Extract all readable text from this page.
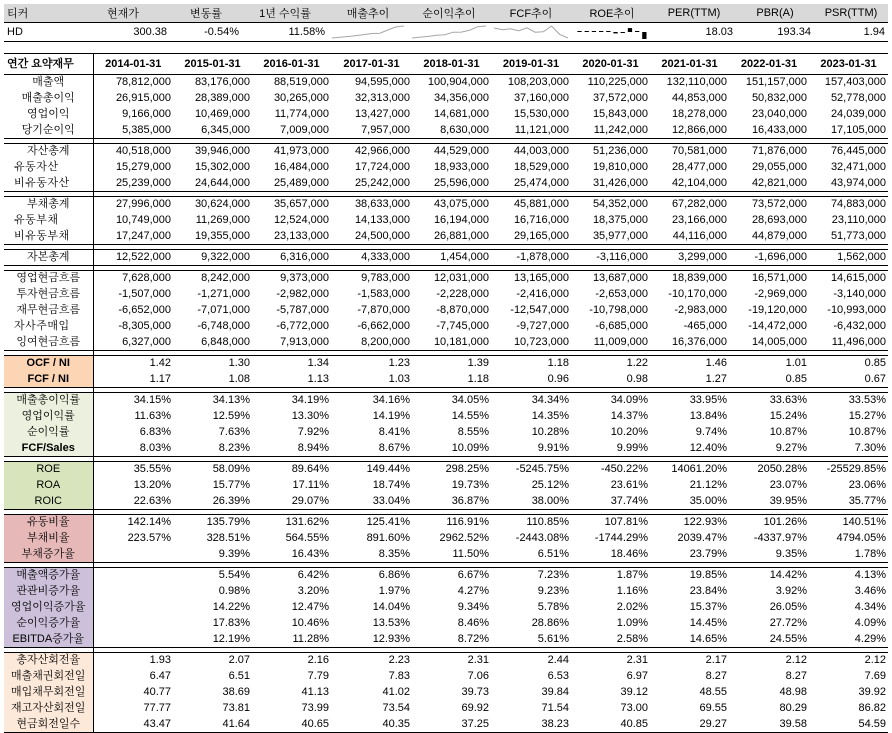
티커	현재가	변동률	1년 수익률	매출추이	순이익추이	FCF추이	ROE추이	PER(TTM)	PBR(A)	PSR(TTM)
HD	300.38	-0.54%	11.58%					18.03	193.34	1.94
연간 요약재무	2014-01-31	2015-01-31	2016-01-31	2017-01-31	2018-01-31	2019-01-31	2020-01-31	2021-01-31	2022-01-31	2023-01-31
매출액	78,812,000	83,176,000	88,519,000	94,595,000	100,904,000	108,203,000	110,225,000	132,110,000	151,157,000	157,403,000
매출총이익	26,915,000	28,389,000	30,265,000	32,313,000	34,356,000	37,160,000	37,572,000	44,853,000	50,832,000	52,778,000
영업이익	9,166,000	10,469,000	11,774,000	13,427,000	14,681,000	15,530,000	15,843,000	18,278,000	23,040,000	24,039,000
당기순이익	5,385,000	6,345,000	7,009,000	7,957,000	8,630,000	11,121,000	11,242,000	12,866,000	16,433,000	17,105,000

자산총계	40,518,000	39,946,000	41,973,000	42,966,000	44,529,000	44,003,000	51,236,000	70,581,000	71,876,000	76,445,000
유동자산	15,279,000	15,302,000	16,484,000	17,724,000	18,933,000	18,529,000	19,810,000	28,477,000	29,055,000	32,471,000
비유동자산	25,239,000	24,644,000	25,489,000	25,242,000	25,596,000	25,474,000	31,426,000	42,104,000	42,821,000	43,974,000

부채총계	27,996,000	30,624,000	35,657,000	38,633,000	43,075,000	45,881,000	54,352,000	67,282,000	73,572,000	74,883,000
유동부채	10,749,000	11,269,000	12,524,000	14,133,000	16,194,000	16,716,000	18,375,000	23,166,000	28,693,000	23,110,000
비유동부채	17,247,000	19,355,000	23,133,000	24,500,000	26,881,000	29,165,000	35,977,000	44,116,000	44,879,000	51,773,000

자본총계	12,522,000	9,322,000	6,316,000	4,333,000	1,454,000	-1,878,000	-3,116,000	3,299,000	-1,696,000	1,562,000

영업현금흐름	7,628,000	8,242,000	9,373,000	9,783,000	12,031,000	13,165,000	13,687,000	18,839,000	16,571,000	14,615,000
투자현금흐름	-1,507,000	-1,271,000	-2,982,000	-1,583,000	-2,228,000	-2,416,000	-2,653,000	-10,170,000	-2,969,000	-3,140,000
재무현금흐름	-6,652,000	-7,071,000	-5,787,000	-7,870,000	-8,870,000	-12,547,000	-10,798,000	-2,983,000	-19,120,000	-10,993,000
자사주매입	-8,305,000	-6,748,000	-6,772,000	-6,662,000	-7,745,000	-9,727,000	-6,685,000	-465,000	-14,472,000	-6,432,000
잉여현금흐름	6,327,000	6,848,000	7,913,000	8,200,000	10,181,000	10,723,000	11,009,000	16,376,000	14,005,000	11,496,000

OCF / NI	1.42	1.30	1.34	1.23	1.39	1.18	1.22	1.46	1.01	0.85
FCF / NI	1.17	1.08	1.13	1.03	1.18	0.96	0.98	1.27	0.85	0.67

매출총이익률	34.15%	34.13%	34.19%	34.16%	34.05%	34.34%	34.09%	33.95%	33.63%	33.53%
영업이익률	11.63%	12.59%	13.30%	14.19%	14.55%	14.35%	14.37%	13.84%	15.24%	15.27%
순이익률	6.83%	7.63%	7.92%	8.41%	8.55%	10.28%	10.20%	9.74%	10.87%	10.87%
FCF/Sales	8.03%	8.23%	8.94%	8.67%	10.09%	9.91%	9.99%	12.40%	9.27%	7.30%

ROE	35.55%	58.09%	89.64%	149.44%	298.25%	-5245.75%	-450.22%	14061.20%	2050.28%	-25529.85%
ROA	13.20%	15.77%	17.11%	18.74%	19.73%	25.12%	23.61%	21.12%	23.07%	23.06%
ROIC	22.63%	26.39%	29.07%	33.04%	36.87%	38.00%	37.74%	35.00%	39.95%	35.77%

유동비율	142.14%	135.79%	131.62%	125.41%	116.91%	110.85%	107.81%	122.93%	101.26%	140.51%
부채비율	223.57%	328.51%	564.55%	891.60%	2962.52%	-2443.08%	-1744.29%	2039.47%	-4337.97%	4794.05%
부채증가율		9.39%	16.43%	8.35%	11.50%	6.51%	18.46%	23.79%	9.35%	1.78%

매출액증가율		5.54%	6.42%	6.86%	6.67%	7.23%	1.87%	19.85%	14.42%	4.13%
관관비증가율		0.98%	3.20%	1.97%	4.27%	9.23%	1.16%	23.84%	3.92%	3.46%
영업이익증가율		14.22%	12.47%	14.04%	9.34%	5.78%	2.02%	15.37%	26.05%	4.34%
순이익증가율		17.83%	10.46%	13.53%	8.46%	28.86%	1.09%	14.45%	27.72%	4.09%
EBITDA증가율		12.19%	11.28%	12.93%	8.72%	5.61%	2.58%	14.65%	24.55%	4.29%

총자산회전율	1.93	2.07	2.16	2.23	2.31	2.44	2.31	2.17	2.12	2.12
매출채권회전일	6.47	6.51	7.79	7.83	7.06	6.53	6.97	8.27	8.27	7.69
매입채무회전일	40.77	38.69	41.13	41.02	39.73	39.84	39.12	48.55	48.98	39.92
재고자산회전일	77.77	73.81	73.99	73.54	69.92	71.54	73.00	69.55	80.29	86.82
현금회전일수	43.47	41.64	40.65	40.35	37.25	38.23	40.85	29.27	39.58	54.59
